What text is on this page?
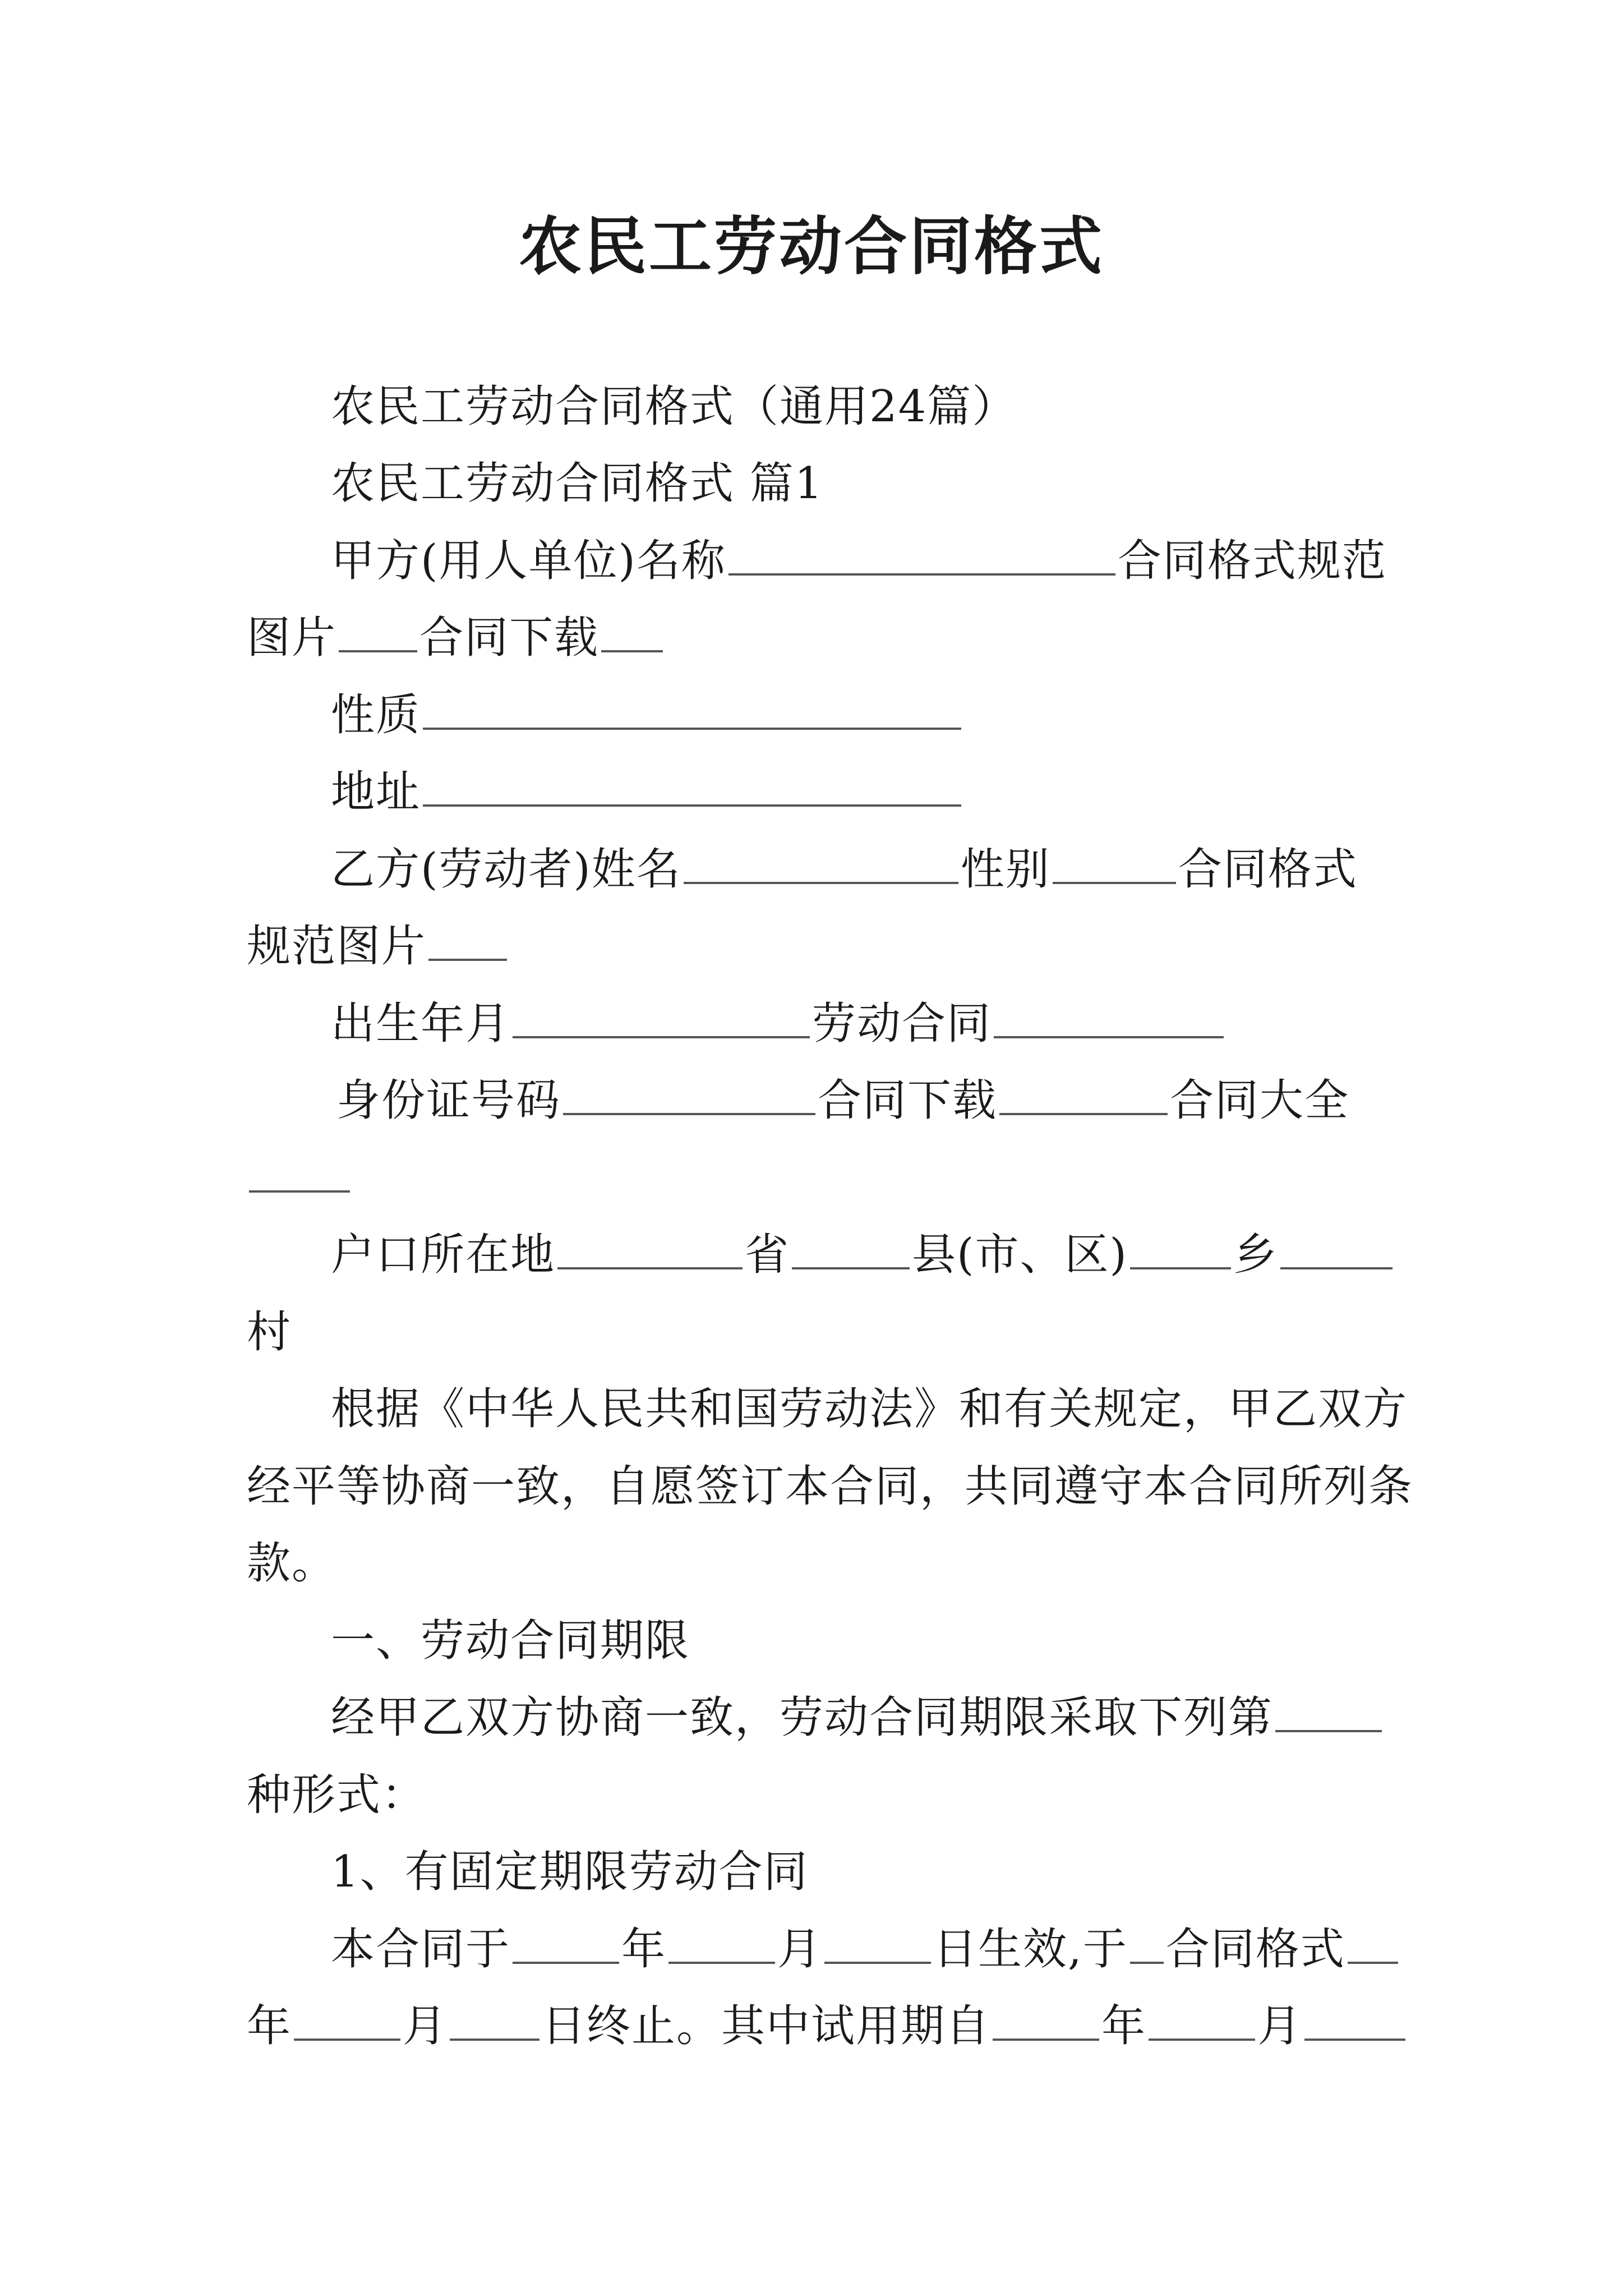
农民工劳动合同格式
农民工劳动合同格式（通用24篇）
农民工劳动合同格式 篇1
甲方(用人单位)名称	合同格式规范
图片 合同下载
性质
地址
乙方(劳动者)姓名	性别	合同格式
规范图片
出生年月	劳动合同
身份证号码	合同下载	合同大全
户口所在地	省	县(市、区) 乡
村
根据《中华人民共和国劳动法》和有关规定，甲乙双方
经平等协商一致，自愿签订本合同，共同遵守本合同所列条
款。
一、劳动合同期限
经甲乙双方协商一致，劳动合同期限采取下列第
种形式：
1、有固定期限劳动合同
本合同于	年	月	日生效,于 合同格式
年	月 日终止。其中试用期自	年	月
